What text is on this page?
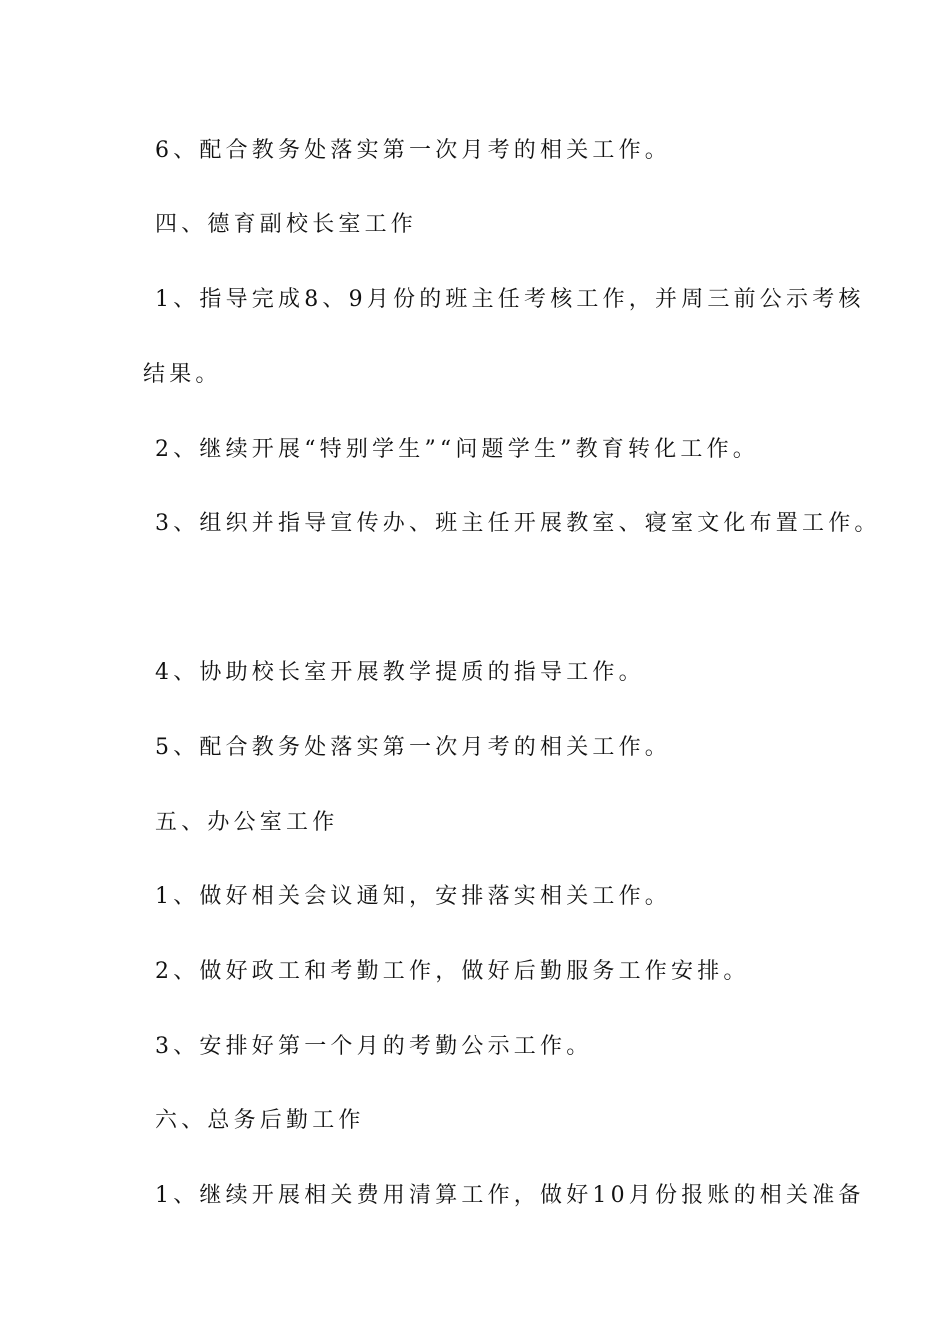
6、配合教务处落实第一次月考的相关工作。
四、德育副校长室工作
1、指导完成8、9月份的班主任考核工作，并周三前公示考核
结果。
2、继续开展“特别学生”“问题学生”教育转化工作。
3、组织并指导宣传办、班主任开展教室、寝室文化布置工作。
4、协助校长室开展教学提质的指导工作。
5、配合教务处落实第一次月考的相关工作。
五、办公室工作
1、做好相关会议通知，安排落实相关工作。
2、做好政工和考勤工作，做好后勤服务工作安排。
3、安排好第一个月的考勤公示工作。
六、总务后勤工作
1、继续开展相关费用清算工作，做好10月份报账的相关准备
